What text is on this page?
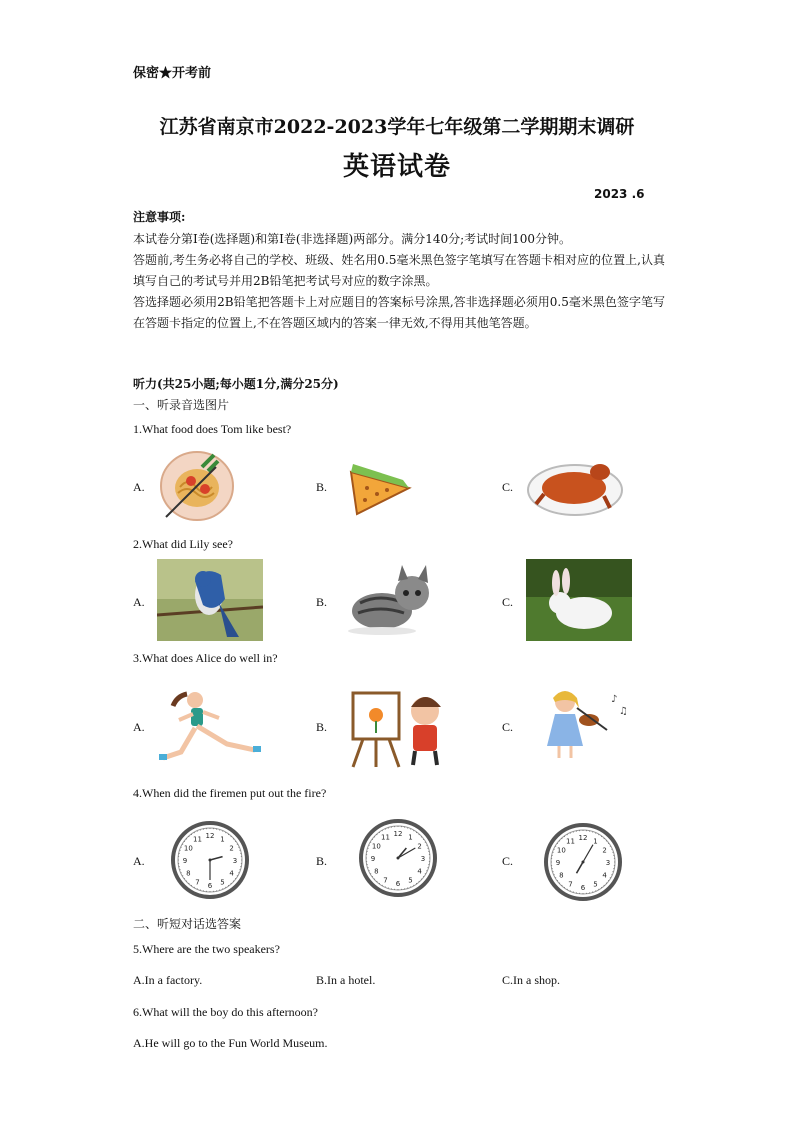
保密★开考前
江苏省南京市2022-2023学年七年级第二学期期末调研
英语试卷
2023 .6
注意事项:

本试卷分第Ⅰ卷(选择题)和第Ⅰ卷(非选择题)两部分。满分140分;考试时间100分钟。

答题前,考生务必将自己的学校、班级、姓名用0.5毫米黑色签字笔填写在答题卡相对应的位置上,认真填写自己的考试号并用2B铅笔把考试号对应的数字涂黑。

答选择题必须用2B铅笔把答题卡上对应题目的答案标号涂黑,答非选择题必须用0.5毫米黑色签字笔写在答题卡指定的位置上,不在答题区域内的答案一律无效,不得用其他笔答题。

听力(共25小题;每小题1分,满分25分)
一、听录音选图片
1.What food does Tom like best?
A.	B.	C.
2.What did Lily see?
A.	B.	C.
3.What does Alice do well in?
A.	B.	C.
♪
♫
4.When did the firemen put out the fire?
A.	B.	C.
1
2
3
4
5
6
7
8
9
10
11 12	1
2
3
4
5
6
7
8
9
10
11 12
1
2
3
4
5
6
7
8
9
10
11 12
二、听短对话选答案
5.Where are the two speakers?
A.In a factory.	B.In a hotel.	C.In a shop.
6.What will the boy do this afternoon?
A.He will go to the Fun World Museum.
